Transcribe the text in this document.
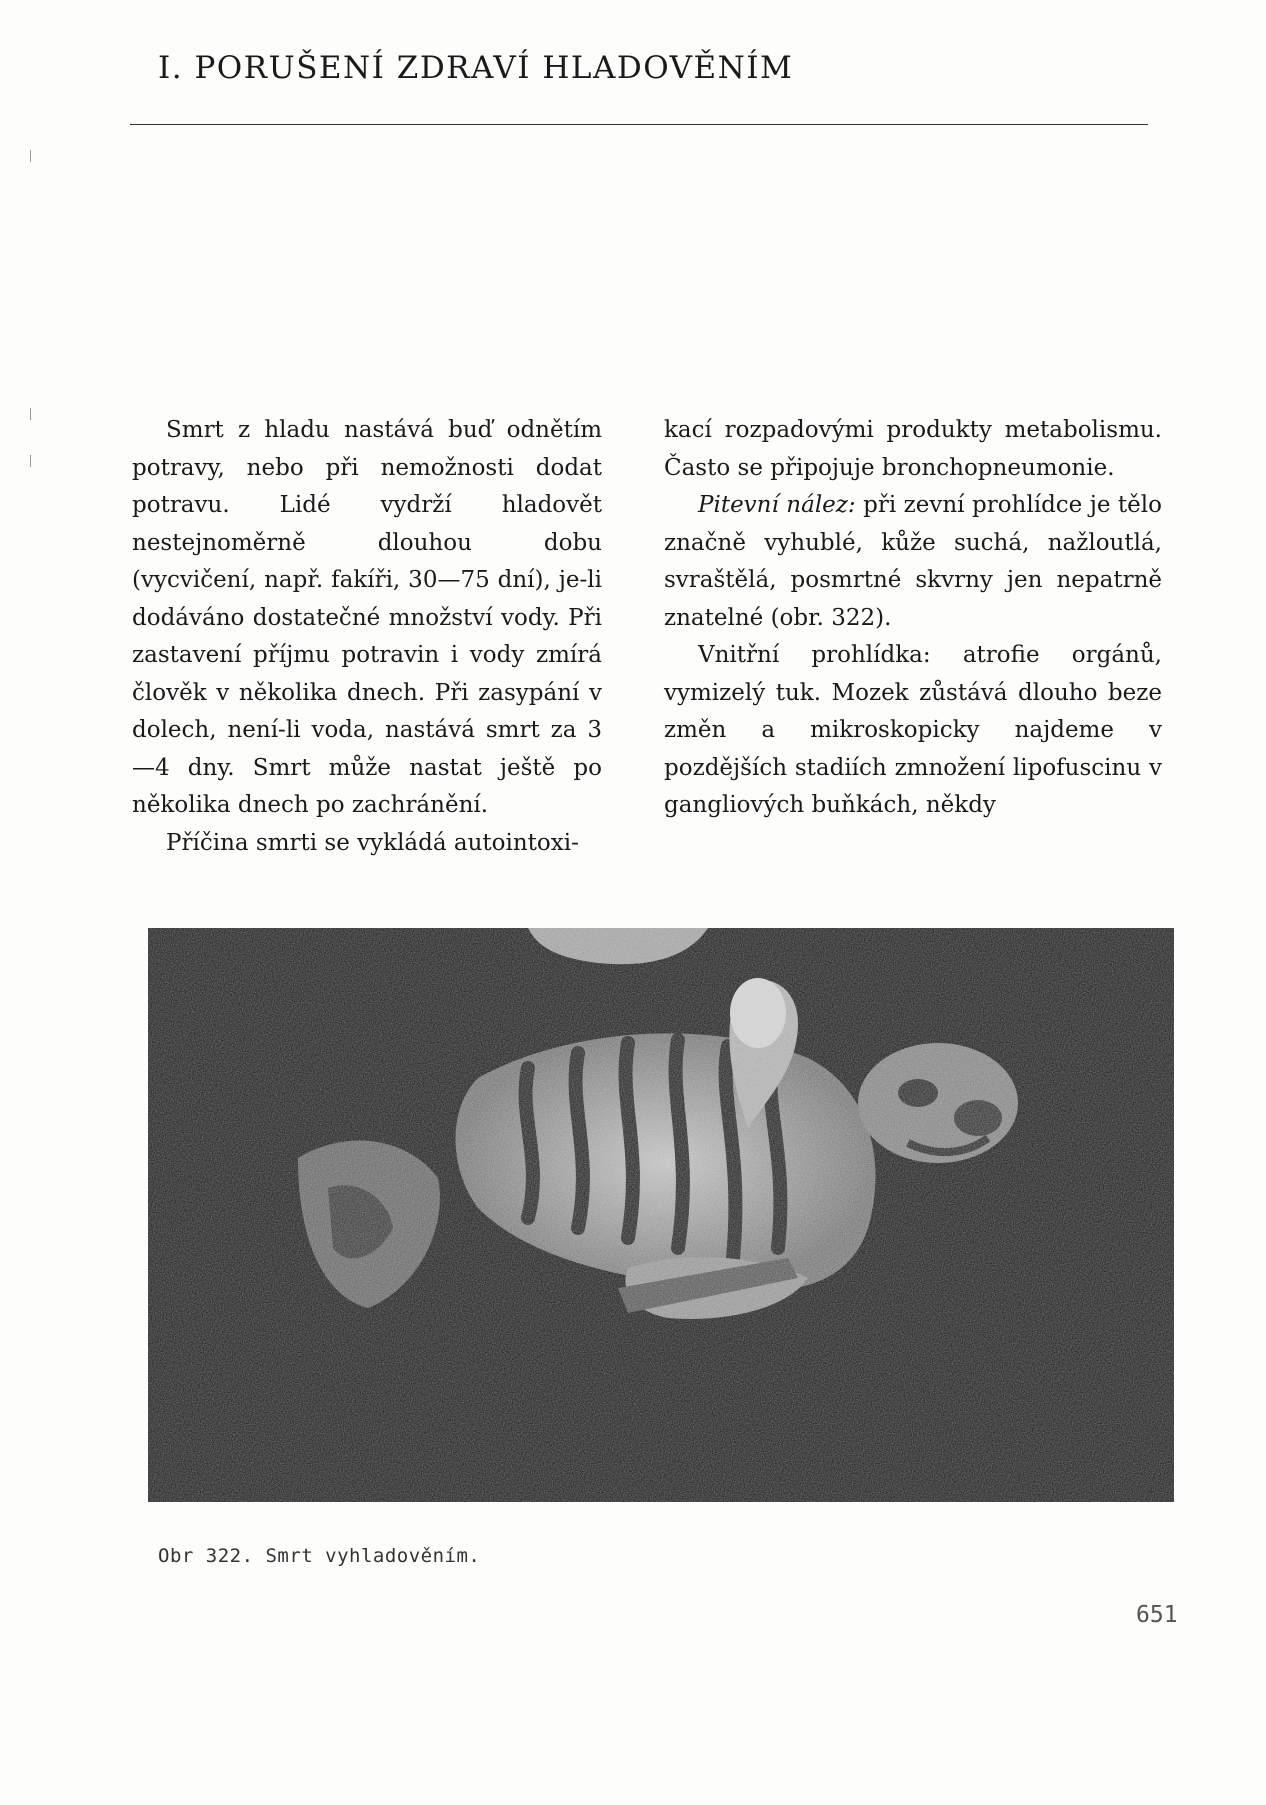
I. PORUŠENÍ ZDRAVÍ HLADOVĚNÍM

Smrt z hladu nastává buď odnětím potravy, nebo při nemožnosti dodat potravu. Lidé vydrží hladovět nestejnoměrně dlouhou dobu (vycvičení, např. fakíři, 30—75 dní), je-li dodáváno dostatečné množství vody. Při zastavení příjmu potravin i vody zmírá člověk v několika dnech. Při zasypání v dolech, není-li voda, nastává smrt za 3—4 dny. Smrt může nastat ještě po několika dnech po zachránění.

Příčina smrti se vykládá autointoxi-

kací rozpadovými produkty metabolismu. Často se připojuje bronchopneumonie.

Pitevní nález: při zevní prohlídce je tělo značně vyhublé, kůže suchá, nažloutlá, svraštělá, posmrtné skvrny jen nepatrně znatelné (obr. 322).

Vnitřní prohlídka: atrofie orgánů, vymizelý tuk. Mozek zůstává dlouho beze změn a mikroskopicky najdeme v pozdějších stadiích zmnožení lipofuscinu v gangliových buňkách, někdy

Obr 322. Smrt vyhladověním.
651
